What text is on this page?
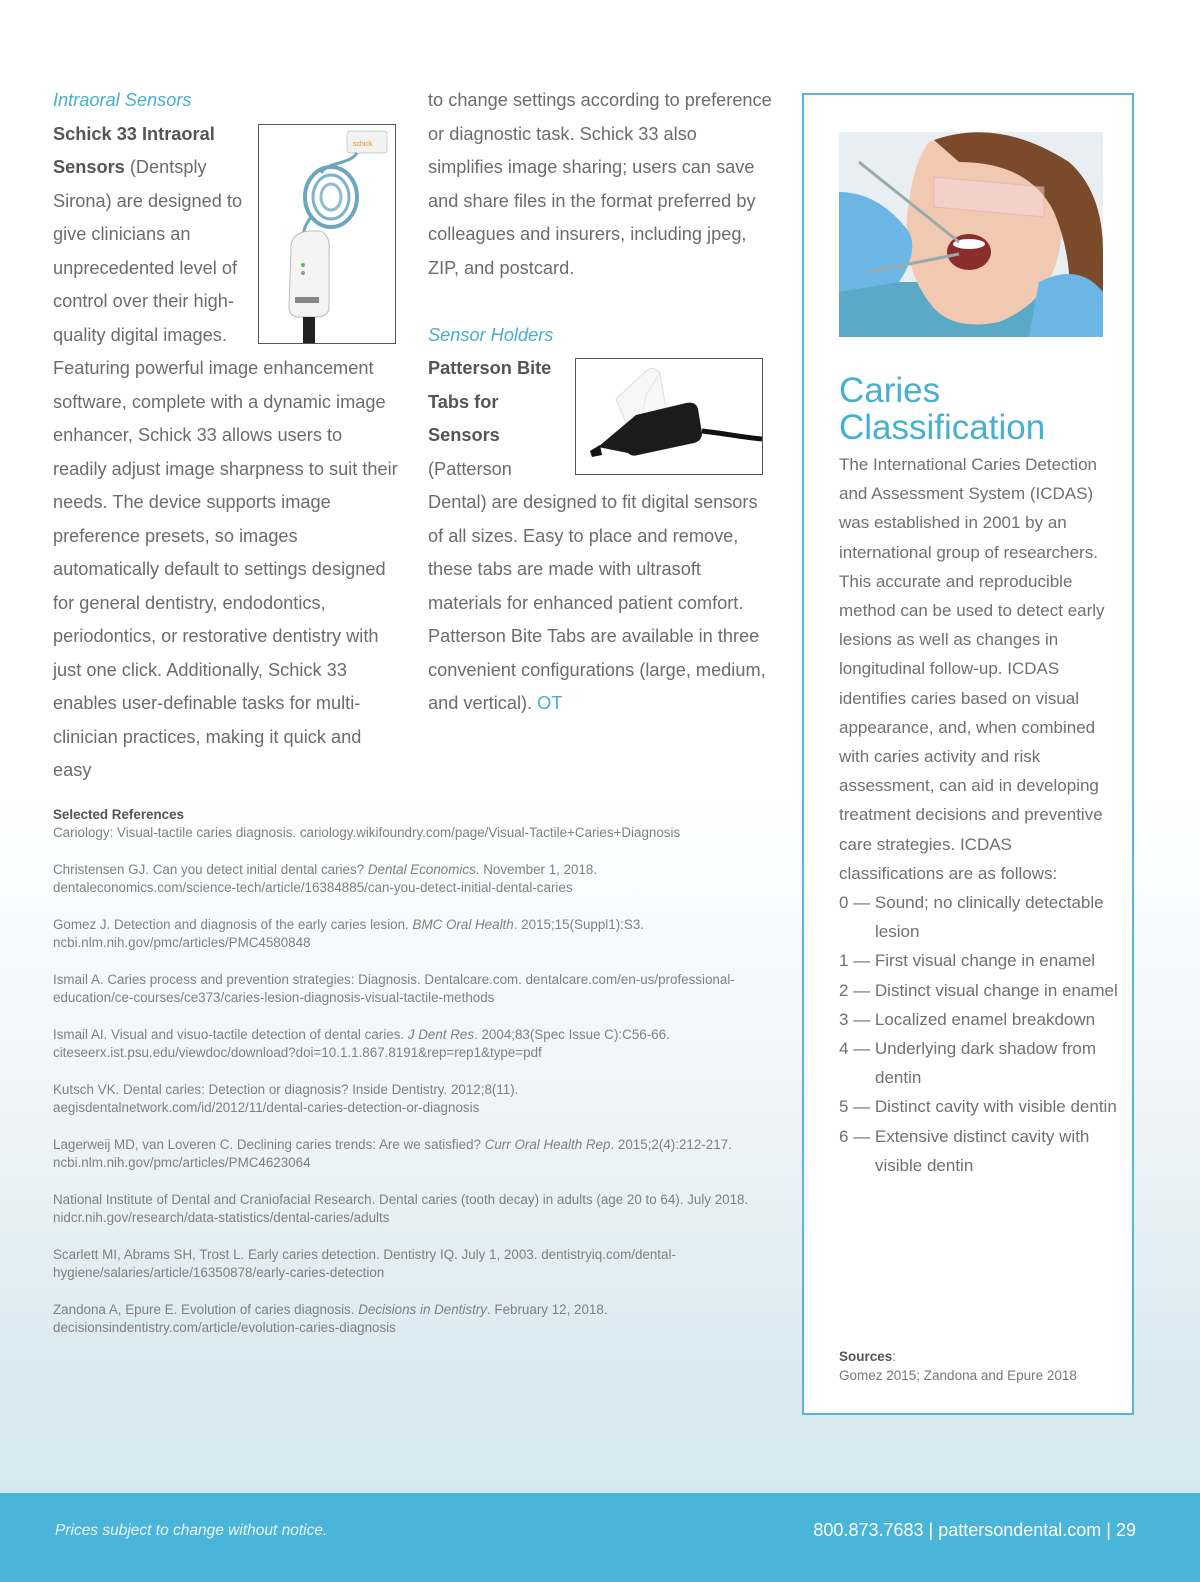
Intraoral Sensors
schick
Schick 33 Intraoral Sensors (Dentsply Sirona) are designed to give clinicians an unprecedented level of control over their high-quality digital images. Featuring powerful image enhancement software, complete with a dynamic image enhancer, Schick 33 allows users to readily adjust image sharpness to suit their needs. The device supports image preference presets, so images automatically default to settings designed for general dentistry, endodontics, periodontics, or restorative dentistry with just one click. Additionally, Schick 33 enables user-definable tasks for multi-clinician practices, making it quick and easy
to change settings according to preference or diagnostic task. Schick 33 also simplifies image sharing; users can save and share files in the format preferred by colleagues and insurers, including jpeg, ZIP, and postcard.
Sensor Holders
Patterson Bite Tabs for Sensors (Patterson Dental) are designed to fit digital sensors of all sizes. Easy to place and remove, these tabs are made with ultrasoft materials for enhanced patient comfort. Patterson Bite Tabs are available in three convenient configurations (large, medium, and vertical). OT
Selected References
Cariology: Visual-tactile caries diagnosis. cariology.wikifoundry.com/page/Visual-Tactile+Caries+Diagnosis
Christensen GJ. Can you detect initial dental caries? Dental Economics. November 1, 2018. dentaleconomics.com/science-tech/article/16384885/can-you-detect-initial-dental-caries
Gomez J. Detection and diagnosis of the early caries lesion. BMC Oral Health. 2015;15(Suppl1):S3. ncbi.nlm.nih.gov/pmc/articles/PMC4580848
Ismail A. Caries process and prevention strategies: Diagnosis. Dentalcare.com. dentalcare.com/en-us/professional-education/ce-courses/ce373/caries-lesion-diagnosis-visual-tactile-methods
Ismail AI. Visual and visuo-tactile detection of dental caries. J Dent Res. 2004;83(Spec Issue C):C56-66. citeseerx.ist.psu.edu/viewdoc/download?doi=10.1.1.867.8191&rep=rep1&type=pdf
Kutsch VK. Dental caries: Detection or diagnosis? Inside Dentistry. 2012;8(11). aegisdentalnetwork.com/id/2012/11/dental-caries-detection-or-diagnosis
Lagerweij MD, van Loveren C. Declining caries trends: Are we satisfied? Curr Oral Health Rep. 2015;2(4):212-217. ncbi.nlm.nih.gov/pmc/articles/PMC4623064
National Institute of Dental and Craniofacial Research. Dental caries (tooth decay) in adults (age 20 to 64). July 2018. nidcr.nih.gov/research/data-statistics/dental-caries/adults
Scarlett MI, Abrams SH, Trost L. Early caries detection. Dentistry IQ. July 1, 2003. dentistryiq.com/dental-hygiene/salaries/article/16350878/early-caries-detection
Zandona A, Epure E. Evolution of caries diagnosis. Decisions in Dentistry. February 12, 2018. decisionsindentistry.com/article/evolution-caries-diagnosis
Caries Classification
The International Caries Detection and Assessment System (ICDAS) was established in 2001 by an international group of researchers. This accurate and reproducible method can be used to detect early lesions as well as changes in longitudinal follow-up. ICDAS identifies caries based on visual appearance, and, when combined with caries activity and risk assessment, can aid in developing treatment decisions and preventive care strategies. ICDAS classifications are as follows:
0 — Sound; no clinically detectable lesion
1 — First visual change in enamel
2 — Distinct visual change in enamel
3 — Localized enamel breakdown
4 — Underlying dark shadow from dentin
5 — Distinct cavity with visible dentin
6 — Extensive distinct cavity with visible dentin
Sources:
Gomez 2015; Zandona and Epure 2018
Prices subject to change without notice.	800.873.7683 | pattersondental.com | 29
